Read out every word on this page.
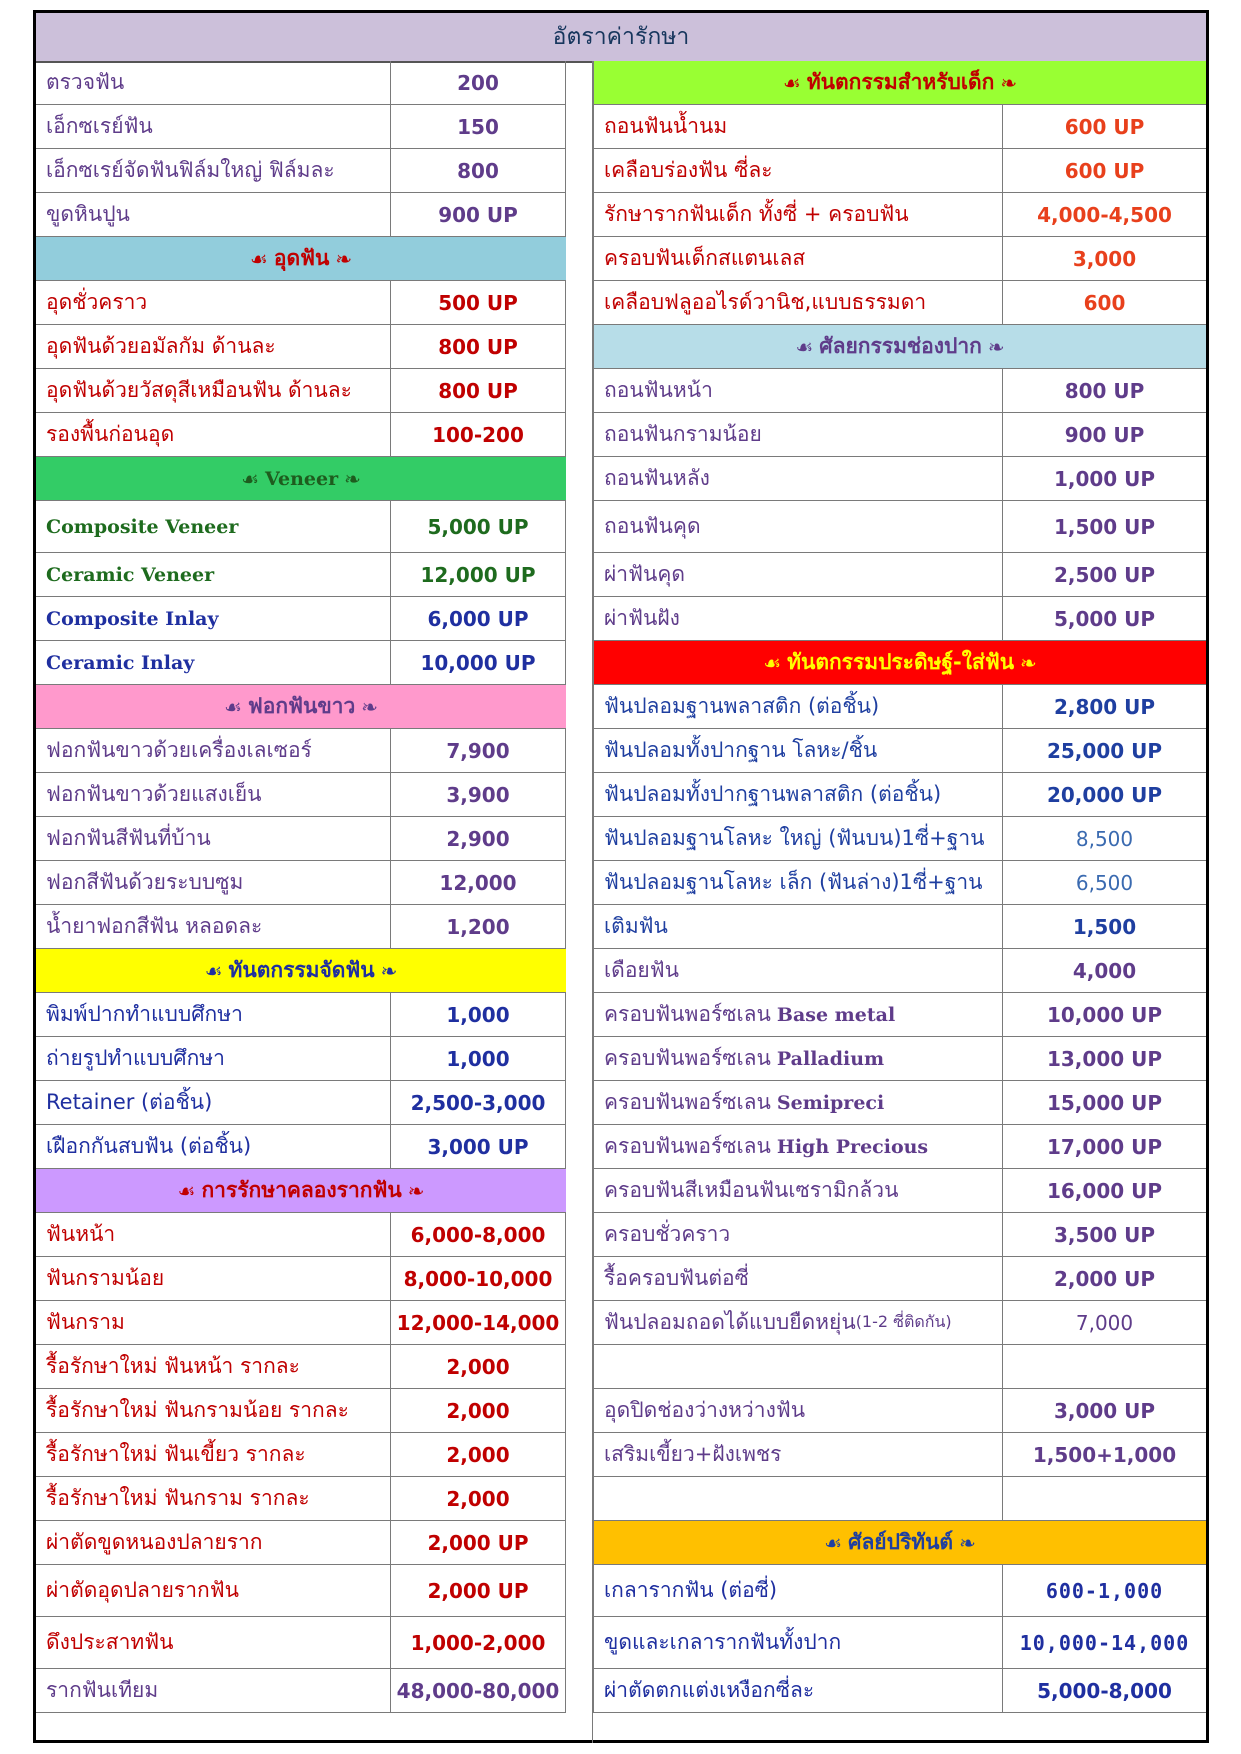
อัตราค่ารักษา
ตรวจฟัน	200
เอ็กซเรย์ฟัน	150
เอ็กซเรย์จัดฟันฟิล์มใหญ่ ฟิล์มละ	800
ขูดหินปูน	900 UP
☙ อุดฟัน ❧
อุดชั่วคราว	500 UP
อุดฟันด้วยอมัลกัม ด้านละ	800 UP
อุดฟันด้วยวัสดุสีเหมือนฟัน ด้านละ	800 UP
รองพื้นก่อนอุด	100-200
☙ Veneer ❧
Composite Veneer	5,000 UP
Ceramic Veneer	12,000 UP
Composite Inlay	6,000 UP
Ceramic Inlay	10,000 UP
☙ ฟอกฟันขาว ❧
ฟอกฟันขาวด้วยเครื่องเลเซอร์	7,900
ฟอกฟันขาวด้วยแสงเย็น	3,900
ฟอกฟันสีฟันที่บ้าน	2,900
ฟอกสีฟันด้วยระบบซูม	12,000
น้ำยาฟอกสีฟัน หลอดละ	1,200
☙ ทันตกรรมจัดฟัน ❧
พิมพ์ปากทำแบบศึกษา	1,000
ถ่ายรูปทำแบบศึกษา	1,000
Retainer (ต่อชิ้น)	2,500-3,000
เฝือกกันสบฟัน (ต่อชิ้น)	3,000 UP
☙ การรักษาคลองรากฟัน ❧
ฟันหน้า	6,000-8,000
ฟันกรามน้อย	8,000-10,000
ฟันกราม	12,000-14,000
รื้อรักษาใหม่ ฟันหน้า รากละ	2,000
รื้อรักษาใหม่ ฟันกรามน้อย รากละ	2,000
รื้อรักษาใหม่ ฟันเขี้ยว รากละ	2,000
รื้อรักษาใหม่ ฟันกราม รากละ	2,000
ผ่าตัดขูดหนองปลายราก	2,000 UP
ผ่าตัดอุดปลายรากฟัน	2,000 UP
ดึงประสาทฟัน	1,000-2,000
รากฟันเทียม	48,000-80,000
☙ ทันตกรรมสำหรับเด็ก ❧
ถอนฟันน้ำนม	600 UP
เคลือบร่องฟัน ซี่ละ	600 UP
รักษารากฟันเด็ก ทั้งซี่ + ครอบฟัน	4,000-4,500
ครอบฟันเด็กสแตนเลส	3,000
เคลือบฟลูออไรด์วานิช,แบบธรรมดา	600
☙ ศัลยกรรมช่องปาก ❧
ถอนฟันหน้า	800 UP
ถอนฟันกรามน้อย	900 UP
ถอนฟันหลัง	1,000 UP
ถอนฟันคุด	1,500 UP
ผ่าฟันคุด	2,500 UP
ผ่าฟันฝัง	5,000 UP
☙ ทันตกรรมประดิษฐ์-ใส่ฟัน ❧
ฟันปลอมฐานพลาสติก (ต่อชิ้น)	2,800 UP
ฟันปลอมทั้งปากฐาน โลหะ/ชิ้น	25,000 UP
ฟันปลอมทั้งปากฐานพลาสติก (ต่อชิ้น)	20,000 UP
ฟันปลอมฐานโลหะ ใหญ่ (ฟันบน)1ซี่+ฐาน	8,500
ฟันปลอมฐานโลหะ เล็ก (ฟันล่าง)1ซี่+ฐาน	6,500
เติมฟัน	1,500
เดือยฟัน	4,000
ครอบฟันพอร์ซเลน Base metal	10,000 UP
ครอบฟันพอร์ซเลน Palladium	13,000 UP
ครอบฟันพอร์ซเลน Semipreci	15,000 UP
ครอบฟันพอร์ซเลน High Precious	17,000 UP
ครอบฟันสีเหมือนฟันเซรามิกล้วน	16,000 UP
ครอบชั่วคราว	3,500 UP
รื้อครอบฟันต่อซี่	2,000 UP
ฟันปลอมถอดได้แบบยืดหยุ่น (1-2 ซี่ติดกัน)	7,000
อุดปิดช่องว่างหว่างฟัน	3,000 UP
เสริมเขี้ยว+ฝังเพชร	1,500+1,000
☙ ศัลย์ปริทันต์ ❧
เกลารากฟัน (ต่อซี่)	600-1,000
ขูดและเกลารากฟันทั้งปาก	10,000-14,000
ผ่าตัดตกแต่งเหงือกซี่ละ	5,000-8,000
